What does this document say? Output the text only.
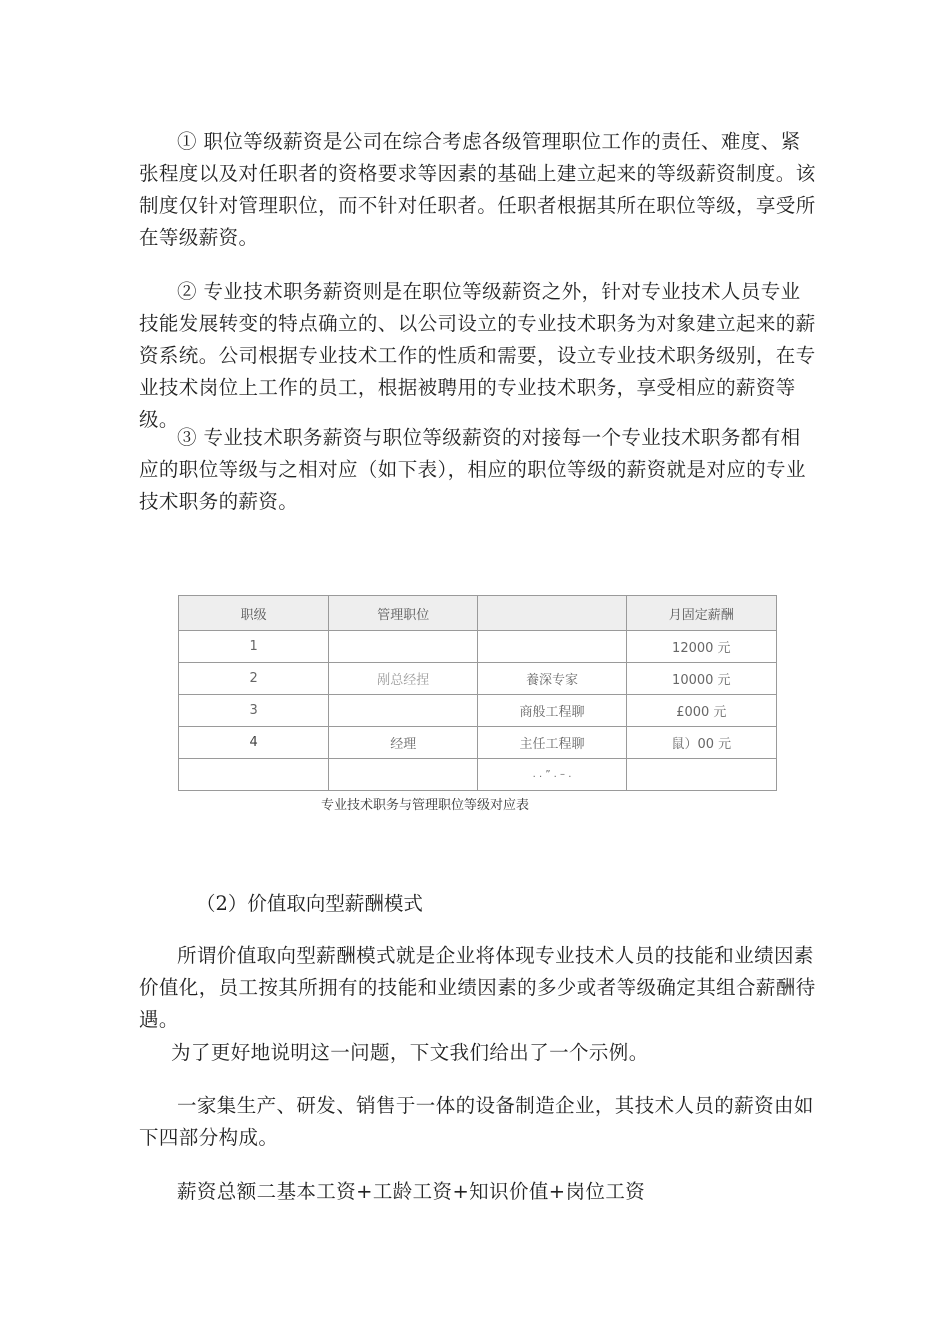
① 职位等级薪资是公司在综合考虑各级管理职位工作的责任、难度、紧张程度以及对任职者的资格要求等因素的基础上建立起来的等级薪资制度。该制度仅针对管理职位，而不针对任职者。任职者根据其所在职位等级，享受所在等级薪资。

② 专业技术职务薪资则是在职位等级薪资之外，针对专业技术人员专业技能发展转变的特点确立的、以公司设立的专业技术职务为对象建立起来的薪资系统。公司根据专业技术工作的性质和需要，设立专业技术职务级别，在专业技术岗位上工作的员工，根据被聘用的专业技术职务，享受相应的薪资等级。

③ 专业技术职务薪资与职位等级薪资的对接每一个专业技术职务都有相应的职位等级与之相对应（如下表），相应的职位等级的薪资就是对应的专业技术职务的薪资。

职级	管理职位		月固定薪酬
1			12000 元
2	剐总经捏	養深专家	10000 元
3		商般工程聊	£000 元
4	经理	主任工程聊	鼠）00 元
		. . ” . – .	
专业技术职务与管理职位等级对应表

（2）价值取向型薪酬模式

所谓价值取向型薪酬模式就是企业将体现专业技术人员的技能和业绩因素价值化，员工按其所拥有的技能和业绩因素的多少或者等级确定其组合薪酬待遇。

为了更好地说明这一问题，下文我们给出了一个示例。

一家集生产、研发、销售于一体的设备制造企业，其技术人员的薪资由如下四部分构成。

薪资总额二基本工资+工龄工资+知识价值+岗位工资
